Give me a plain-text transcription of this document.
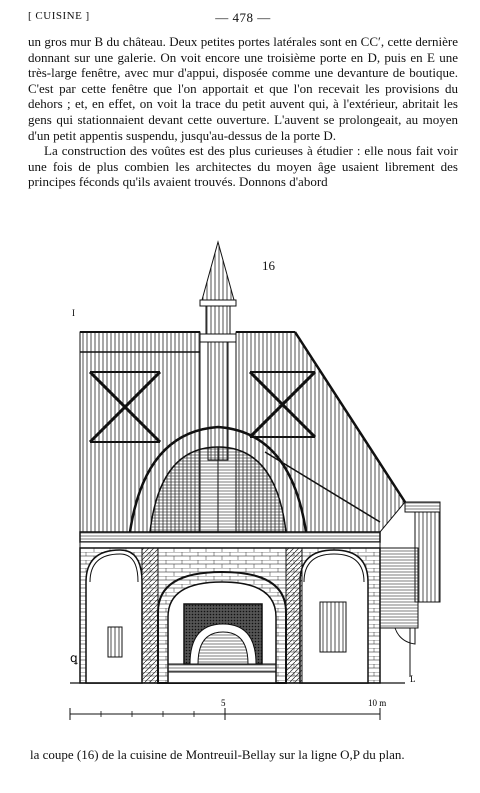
[ CUISINE ]	— 478 —

un gros mur B du château. Deux petites portes latérales sont en CC′, cette dernière donnant sur une galerie. On voit encore une troisième porte en D, puis en E une très-large fenêtre, avec mur d'appui, disposée comme une devanture de boutique. C'est par cette fenêtre que l'on apportait et que l'on recevait les provisions du dehors ; et, en effet, on voit la trace du petit auvent qui, à l'extérieur, abritait les gens qui stationnaient devant cette ouverture. L'auvent se prolongeait, au moyen d'un petit appentis suspendu, jusqu'au-dessus de la porte D.

La construction des voûtes est des plus curieuses à étudier : elle nous fait voir une fois de plus combien les architectes du moyen âge usaient librement des principes féconds qu'ils avaient trouvés. Donnons d'abord

16
I
ꝗ
L
5	10 m

la coupe (16) de la cuisine de Montreuil-Bellay sur la ligne O,P du plan.
